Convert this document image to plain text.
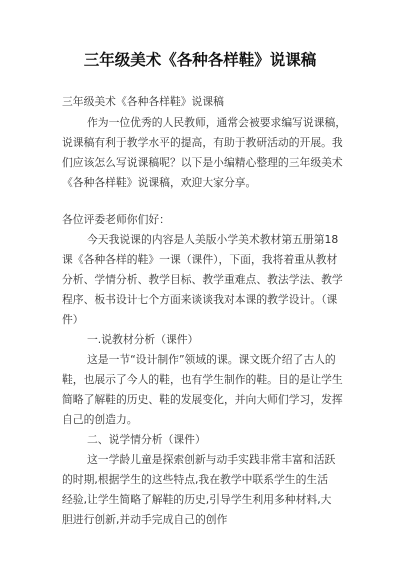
三年级美术《各种各样鞋》说课稿
三年级美术《各种各样鞋》说课稿
作为一位优秀的人民教师，通常会被要求编写说课稿，
说课稿有利于教学水平的提高，有助于教研活动的开展。我
们应该怎么写说课稿呢？以下是小编精心整理的三年级美术
《各种各样鞋》说课稿，欢迎大家分享。
各位评委老师你们好：
今天我说课的内容是人美版小学美术教材第五册第18
课《各种各样的鞋》一课（课件），下面，我将着重从教材
分析、学情分析、教学目标、教学重难点、教法学法、教学
程序、板书设计七个方面来谈谈我对本课的教学设计。（课
件）
一.说教材分析（课件）
这是一节“设计制作”领域的课。课文既介绍了古人的
鞋，也展示了今人的鞋，也有学生制作的鞋。目的是让学生
简略了解鞋的历史、鞋的发展变化，并向大师们学习，发挥
自己的创造力。
二、说学情分析（课件）
这一学龄儿童是探索创新与动手实践非常丰富和活跃
的时期,根据学生的这些特点,我在教学中联系学生的生活
经验,让学生简略了解鞋的历史,引导学生利用多种材料,大
胆进行创新,并动手完成自己的创作
